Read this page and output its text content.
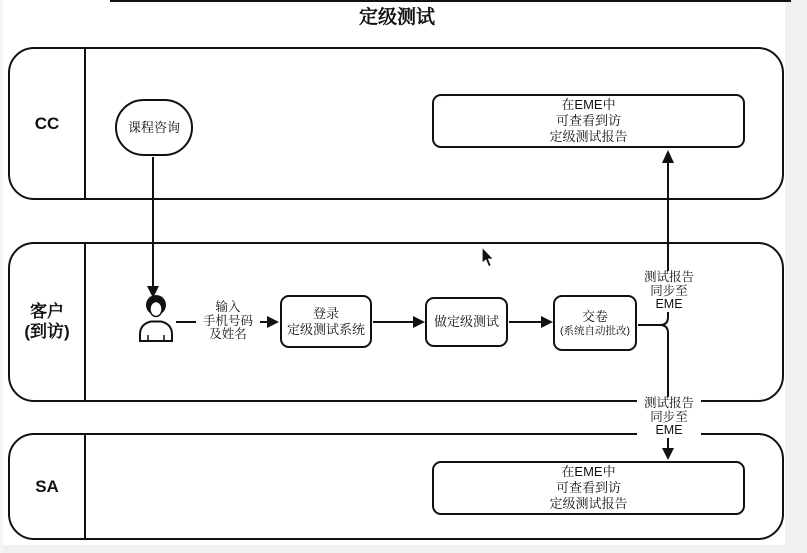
定级测试
CC
客户
(到访)
SA
课程咨询
在EME中
可查看到访
定级测试报告
登录
定级测试系统	做定级测试	交卷
(系统自动批改)
在EME中
可查看到访
定级测试报告
输入
手机号码
及姓名
测试报告
同步至
EME
测试报告
同步至
EME
